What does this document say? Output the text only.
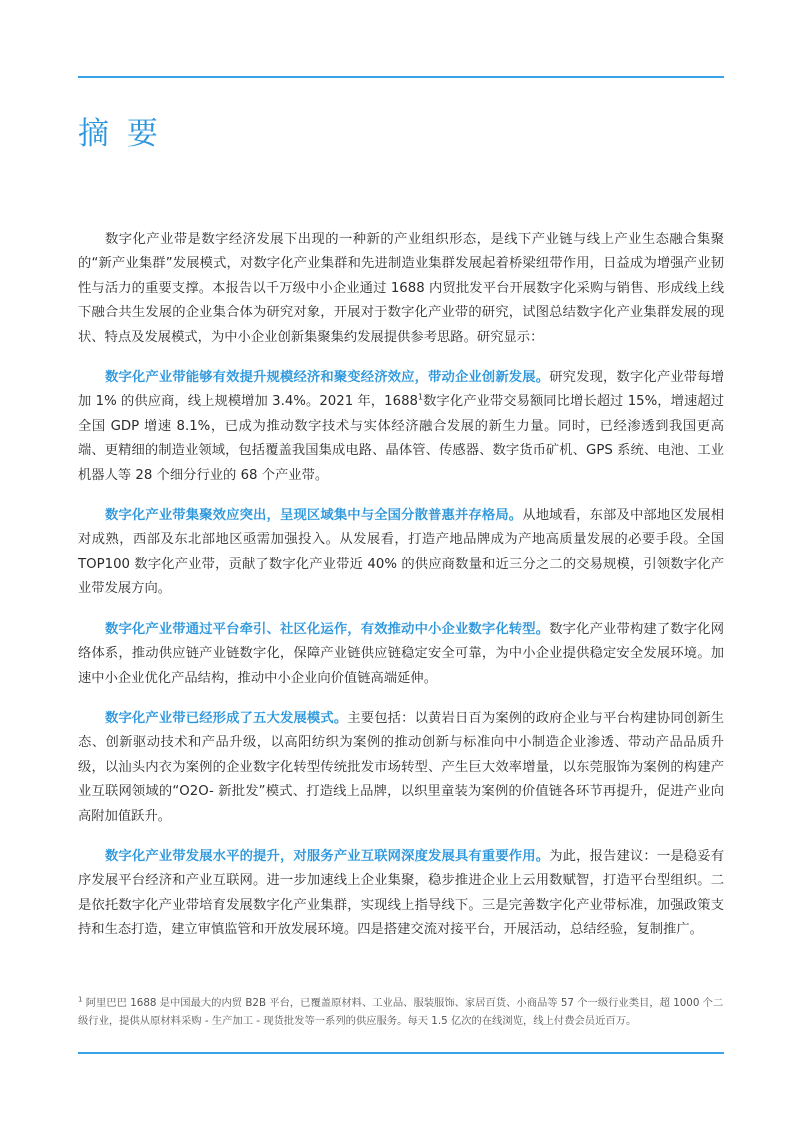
摘 要

数字化产业带是数字经济发展下出现的一种新的产业组织形态，是线下产业链与线上产业生态融合集聚的“新产业集群”发展模式，对数字化产业集群和先进制造业集群发展起着桥梁纽带作用，日益成为增强产业韧性与活力的重要支撑。本报告以千万级中小企业通过 1688 内贸批发平台开展数字化采购与销售、形成线上线下融合共生发展的企业集合体为研究对象，开展对于数字化产业带的研究，试图总结数字化产业集群发展的现状、特点及发展模式，为中小企业创新集聚集约发展提供参考思路。研究显示：

数字化产业带能够有效提升规模经济和聚变经济效应，带动企业创新发展。研究发现，数字化产业带每增加 1% 的供应商，线上规模增加 3.4%。2021 年，1688$^1$数字化产业带交易额同比增长超过 15%，增速超过全国 GDP 增速 8.1%，已成为推动数字技术与实体经济融合发展的新生力量。同时，已经渗透到我国更高端、更精细的制造业领域，包括覆盖我国集成电路、晶体管、传感器、数字货币矿机、GPS 系统、电池、工业机器人等 28 个细分行业的 68 个产业带。

数字化产业带集聚效应突出，呈现区域集中与全国分散普惠并存格局。从地域看，东部及中部地区发展相对成熟，西部及东北部地区亟需加强投入。从发展看，打造产地品牌成为产地高质量发展的必要手段。全国 TOP100 数字化产业带，贡献了数字化产业带近 40% 的供应商数量和近三分之二的交易规模，引领数字化产业带发展方向。

数字化产业带通过平台牵引、社区化运作，有效推动中小企业数字化转型。数字化产业带构建了数字化网络体系，推动供应链产业链数字化，保障产业链供应链稳定安全可靠，为中小企业提供稳定安全发展环境。加速中小企业优化产品结构，推动中小企业向价值链高端延伸。

数字化产业带已经形成了五大发展模式。主要包括：以黄岩日百为案例的政府企业与平台构建协同创新生态、创新驱动技术和产品升级，以高阳纺织为案例的推动创新与标准向中小制造企业渗透、带动产品品质升级，以汕头内衣为案例的企业数字化转型传统批发市场转型、产生巨大效率增量，以东莞服饰为案例的构建产业互联网领域的“O2O- 新批发”模式、打造线上品牌，以织里童装为案例的价值链各环节再提升，促进产业向高附加值跃升。

数字化产业带发展水平的提升，对服务产业互联网深度发展具有重要作用。为此，报告建议：一是稳妥有序发展平台经济和产业互联网。进一步加速线上企业集聚，稳步推进企业上云用数赋智，打造平台型组织。二是依托数字化产业带培育发展数字化产业集群，实现线上指导线下。三是完善数字化产业带标准，加强政策支持和生态打造，建立审慎监管和开放发展环境。四是搭建交流对接平台，开展活动，总结经验，复制推广。

$^1$ 阿里巴巴 1688 是中国最大的内贸 B2B 平台，已覆盖原材料、工业品、服装服饰、家居百货、小商品等 57 个一级行业类目，超 1000 个二级行业，提供从原材料采购 - 生产加工 - 现货批发等一系列的供应服务。每天 1.5 亿次的在线浏览，线上付费会员近百万。
